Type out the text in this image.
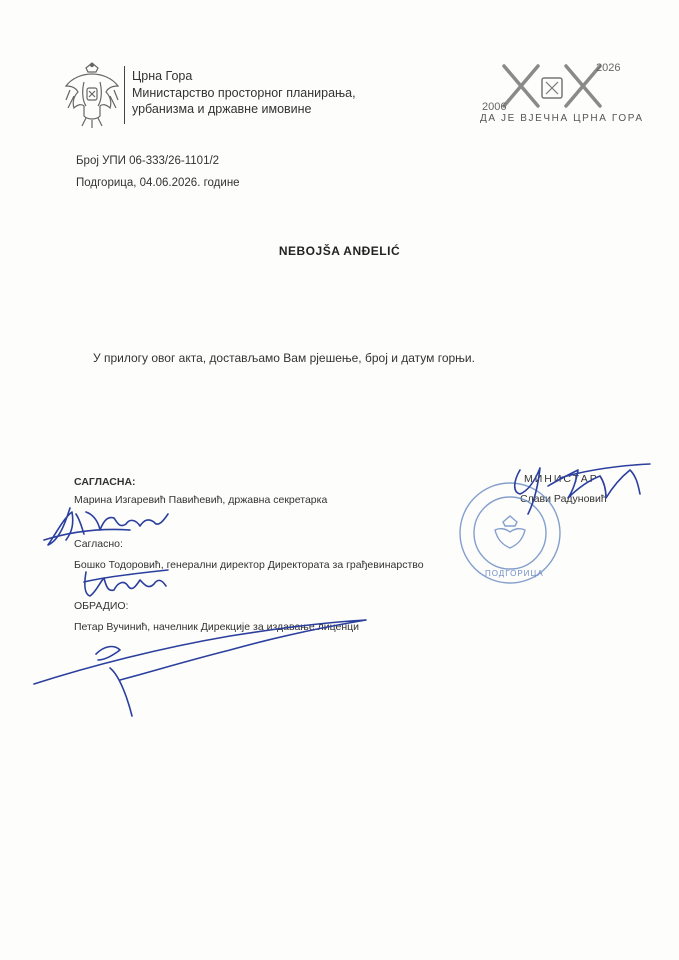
Црна Гора
Министарство просторног планирања,
урбанизма и државне имовине	2006
2026
ДА ЈЕ ВЈЕЧНА ЦРНА ГОРА
Број УПИ 06-333/26-1101/2
Подгорица, 04.06.2026. године
NEBOJŠA ANĐELIĆ
У прилогу овог акта, достављамо Вам рјешење, број и датум горњи.
САГЛАСНА:
Марина Изгаревић Павићевић, државна секретарка
Сагласно:
Бошко Тодоровић, генерални директор Директората за грађевинарство
ОБРАДИО:
Петар Вучинић, начелник Дирекције за издавање лиценци
МИНИСТАР
Слави Радуновић
ПОДГОРИЦА
